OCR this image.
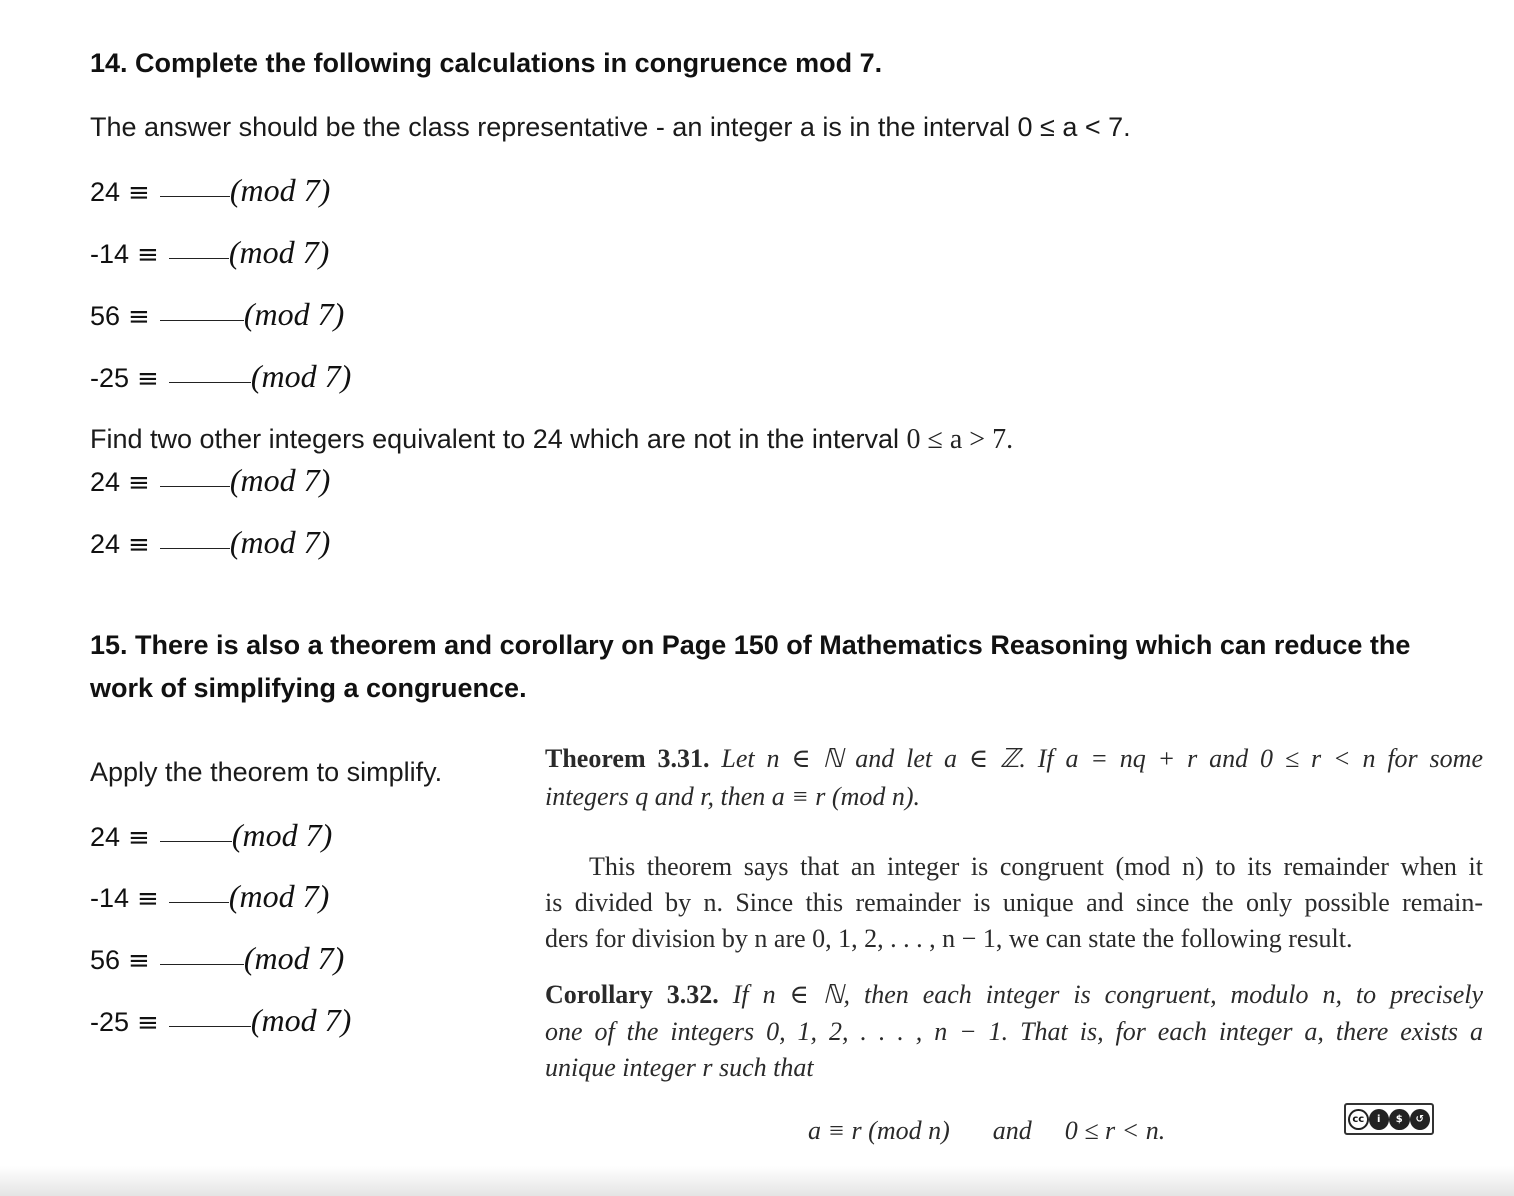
14. Complete the following calculations in congruence mod 7.
The answer should be the class representative - an integer a is in the interval 0 ≤ a < 7.
24 ≡	(mod 7)
-14 ≡ (mod 7)
56 ≡	(mod 7)
-25 ≡	(mod 7)
Find two other integers equivalent to 24 which are not in the interval 0 ≤ a > 7.
24 ≡	(mod 7)
24 ≡	(mod 7)
15. There is also a theorem and corollary on Page 150 of Mathematics Reasoning which can reduce the
work of simplifying a congruence.
Apply the theorem to simplify.
24 ≡	(mod 7)
-14 ≡ (mod 7)
56 ≡	(mod 7)
-25 ≡	(mod 7)
Theorem 3.31. Let n ∈ ℕ and let a ∈ ℤ. If a = nq + r and 0 ≤ r < n for some
integers q and r, then a ≡ r (mod n).
This theorem says that an integer is congruent (mod n) to its remainder when it
is divided by n. Since this remainder is unique and since the only possible remain-
ders for division by n are 0, 1, 2, . . . , n − 1, we can state the following result.
Corollary 3.32. If n ∈ ℕ, then each integer is congruent, modulo n, to precisely
one of the integers 0, 1, 2, . . . , n − 1. That is, for each integer a, there exists a
unique integer r such that
a ≡ r (mod n) and 0 ≤ r < n.	cc	i	$	↺
